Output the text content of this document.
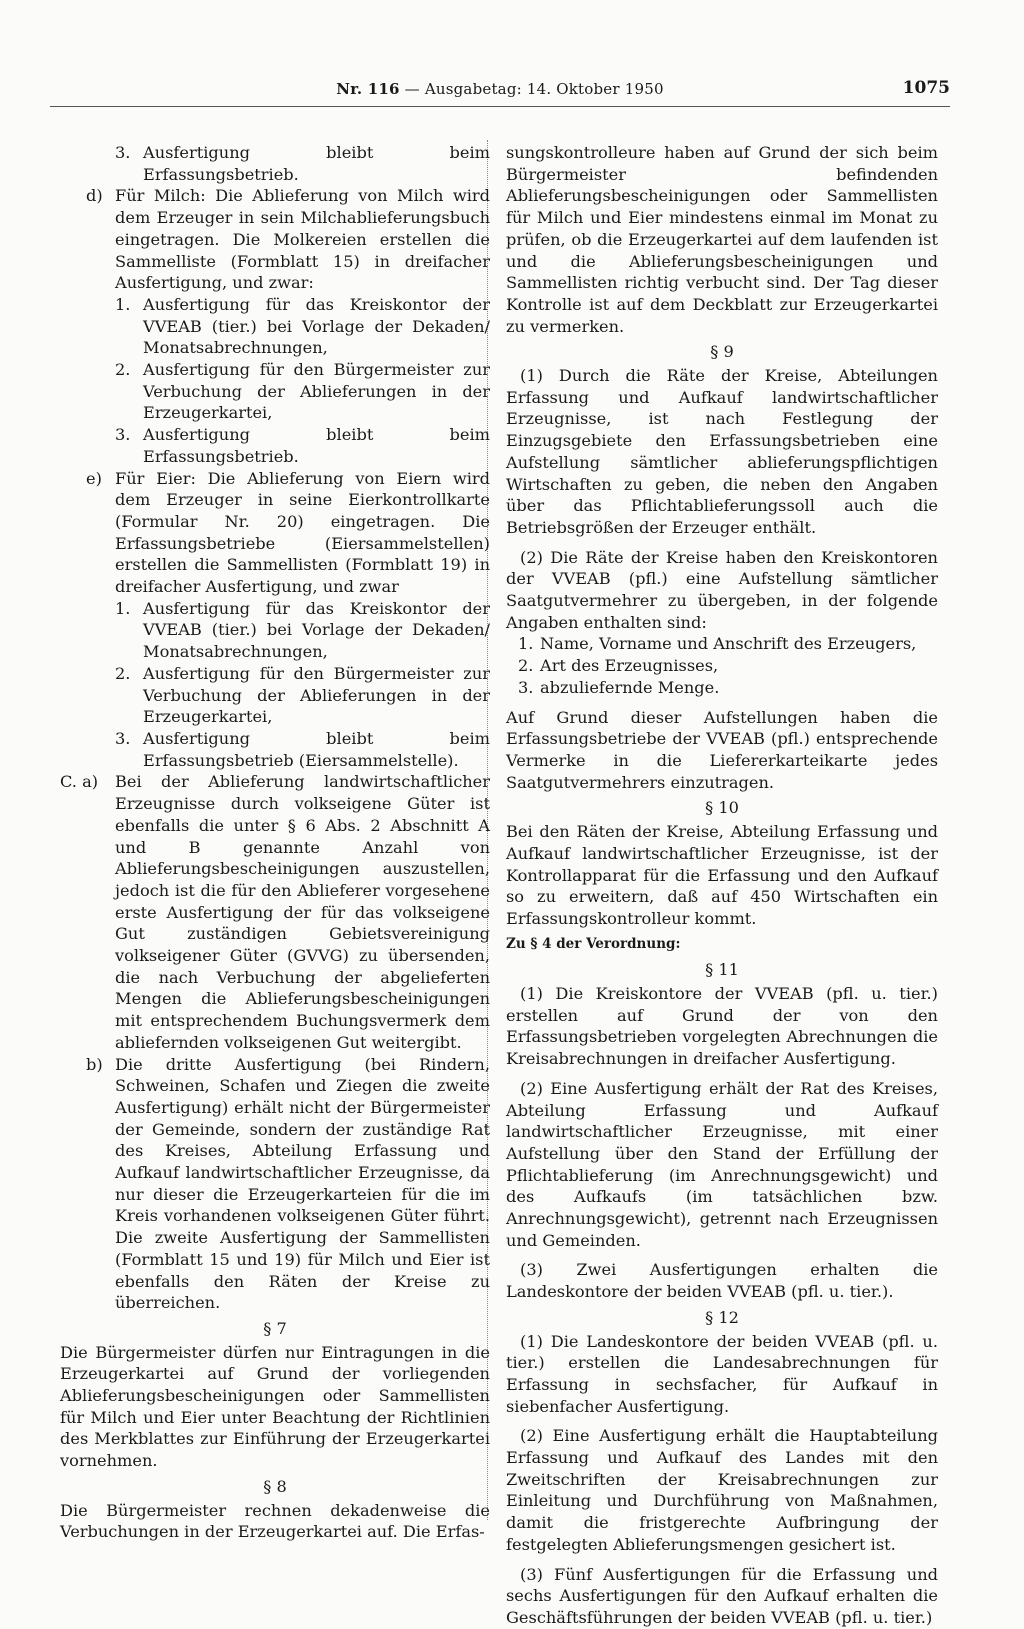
Nr. 116 — Ausgabetag: 14. Oktober 1950	1075
3. Ausfertigung bleibt beim Erfassungsbetrieb.
d) Für Milch: Die Ablieferung von Milch wird dem Erzeuger in sein Milchablieferungsbuch eingetragen. Die Molkereien erstellen die Sammelliste (Formblatt 15) in dreifacher Ausfertigung, und zwar:
1. Ausfertigung für das Kreiskontor der VVEAB (tier.) bei Vorlage der Dekaden/ Monatsabrechnungen,
2. Ausfertigung für den Bürgermeister zur Verbuchung der Ablieferungen in der Erzeugerkartei,
3. Ausfertigung bleibt beim Erfassungsbetrieb.
e) Für Eier: Die Ablieferung von Eiern wird dem Erzeuger in seine Eierkontrollkarte (Formular Nr. 20) eingetragen. Die Erfassungsbetriebe (Eiersammelstellen) erstellen die Sammellisten (Formblatt 19) in dreifacher Ausfertigung, und zwar
1. Ausfertigung für das Kreiskontor der VVEAB (tier.) bei Vorlage der Dekaden/ Monatsabrechnungen,
2. Ausfertigung für den Bürgermeister zur Verbuchung der Ablieferungen in der Erzeugerkartei,
3. Ausfertigung bleibt beim Erfassungsbetrieb (Eiersammelstelle).
C. a)	Bei der Ablieferung landwirtschaftlicher Erzeugnisse durch volkseigene Güter ist ebenfalls die unter § 6 Abs. 2 Abschnitt A und B genannte Anzahl von Ablieferungsbescheinigungen auszustellen, jedoch ist die für den Ablieferer vorgesehene erste Ausfertigung der für das volkseigene Gut zuständigen Gebietsvereinigung volkseigener Güter (GVVG) zu übersenden, die nach Verbuchung der abgelieferten Mengen die Ablieferungsbescheinigungen mit entsprechendem Buchungsvermerk dem abliefernden volkseigenen Gut weitergibt.
b) Die dritte Ausfertigung (bei Rindern, Schweinen, Schafen und Ziegen die zweite Ausfertigung) erhält nicht der Bürgermeister der Gemeinde, sondern der zuständige Rat des Kreises, Abteilung Erfassung und Aufkauf landwirtschaftlicher Erzeugnisse, da nur dieser die Erzeugerkarteien für die im Kreis vorhandenen volkseigenen Güter führt. Die zweite Ausfertigung der Sammellisten (Formblatt 15 und 19) für Milch und Eier ist ebenfalls den Räten der Kreise zu überreichen.

§ 7

Die Bürgermeister dürfen nur Eintragungen in die Erzeugerkartei auf Grund der vorliegenden Ablieferungsbescheinigungen oder Sammellisten für Milch und Eier unter Beachtung der Richtlinien des Merkblattes zur Einführung der Erzeugerkartei vornehmen.

§ 8

Die Bürgermeister rechnen dekadenweise die Verbuchungen in der Erzeugerkartei auf. Die Erfas-

sungskontrolleure haben auf Grund der sich beim Bürgermeister befindenden Ablieferungsbescheinigungen oder Sammellisten für Milch und Eier mindestens einmal im Monat zu prüfen, ob die Erzeugerkartei auf dem laufenden ist und die Ablieferungsbescheinigungen und Sammellisten richtig verbucht sind. Der Tag dieser Kontrolle ist auf dem Deckblatt zur Erzeugerkartei zu vermerken.

§ 9

(1) Durch die Räte der Kreise, Abteilungen Erfassung und Aufkauf landwirtschaftlicher Erzeugnisse, ist nach Festlegung der Einzugsgebiete den Erfassungsbetrieben eine Aufstellung sämtlicher ablieferungspflichtigen Wirtschaften zu geben, die neben den Angaben über das Pflichtablieferungssoll auch die Betriebsgrößen der Erzeuger enthält.

(2) Die Räte der Kreise haben den Kreiskontoren der VVEAB (pfl.) eine Aufstellung sämtlicher Saatgutvermehrer zu übergeben, in der folgende Angaben enthalten sind:

1. Name, Vorname und Anschrift des Erzeugers,
2. Art des Erzeugnisses,
3. abzuliefernde Menge.

Auf Grund dieser Aufstellungen haben die Erfassungsbetriebe der VVEAB (pfl.) entsprechende Vermerke in die Liefererkarteikarte jedes Saatgutvermehrers einzutragen.

§ 10

Bei den Räten der Kreise, Abteilung Erfassung und Aufkauf landwirtschaftlicher Erzeugnisse, ist der Kontrollapparat für die Erfassung und den Aufkauf so zu erweitern, daß auf 450 Wirtschaften ein Erfassungskontrolleur kommt.

Zu § 4 der Verordnung:

§ 11

(1) Die Kreiskontore der VVEAB (pfl. u. tier.) erstellen auf Grund der von den Erfassungsbetrieben vorgelegten Abrechnungen die Kreisabrechnungen in dreifacher Ausfertigung.

(2) Eine Ausfertigung erhält der Rat des Kreises, Abteilung Erfassung und Aufkauf landwirtschaftlicher Erzeugnisse, mit einer Aufstellung über den Stand der Erfüllung der Pflichtablieferung (im Anrechnungsgewicht) und des Aufkaufs (im tatsächlichen bzw. Anrechnungsgewicht), getrennt nach Erzeugnissen und Gemeinden.

(3) Zwei Ausfertigungen erhalten die Landeskontore der beiden VVEAB (pfl. u. tier.).

§ 12

(1) Die Landeskontore der beiden VVEAB (pfl. u. tier.) erstellen die Landesabrechnungen für Erfassung in sechsfacher, für Aufkauf in siebenfacher Ausfertigung.

(2) Eine Ausfertigung erhält die Hauptabteilung Erfassung und Aufkauf des Landes mit den Zweitschriften der Kreisabrechnungen zur Einleitung und Durchführung von Maßnahmen, damit die fristgerechte Aufbringung der festgelegten Ablieferungsmengen gesichert ist.

(3) Fünf Ausfertigungen für die Erfassung und sechs Ausfertigungen für den Aufkauf erhalten die Geschäftsführungen der beiden VVEAB (pfl. u. tier.)
